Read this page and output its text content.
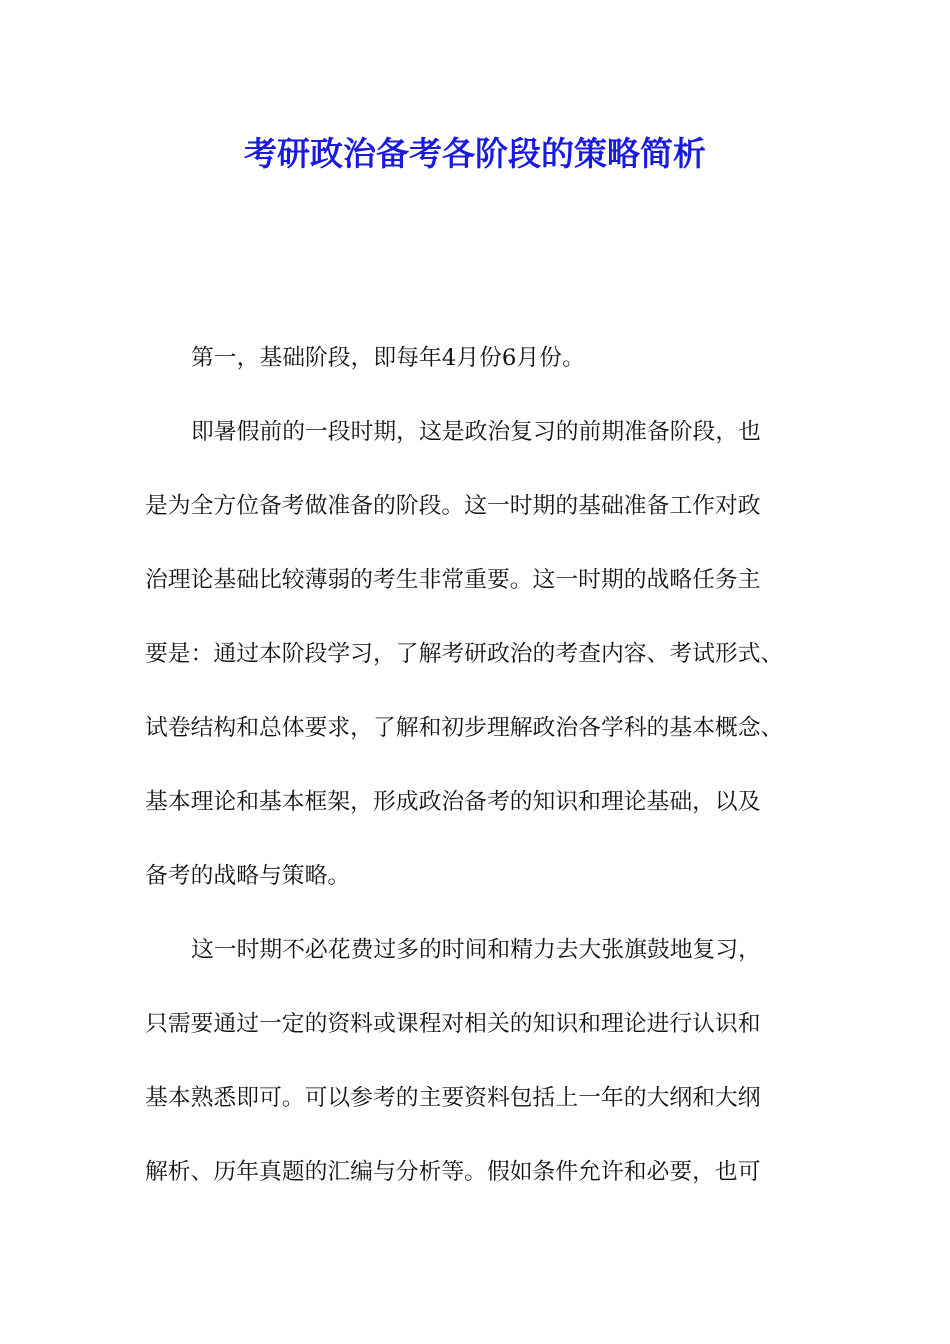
考研政治备考各阶段的策略简析
第一，基础阶段，即每年4月份6月份。
即暑假前的一段时期，这是政治复习的前期准备阶段，也
是为全方位备考做准备的阶段。这一时期的基础准备工作对政
治理论基础比较薄弱的考生非常重要。这一时期的战略任务主
要是：通过本阶段学习，了解考研政治的考查内容、考试形式、
试卷结构和总体要求，了解和初步理解政治各学科的基本概念、
基本理论和基本框架，形成政治备考的知识和理论基础，以及
备考的战略与策略。
这一时期不必花费过多的时间和精力去大张旗鼓地复习，
只需要通过一定的资料或课程对相关的知识和理论进行认识和
基本熟悉即可。可以参考的主要资料包括上一年的大纲和大纲
解析、历年真题的汇编与分析等。假如条件允许和必要，也可
